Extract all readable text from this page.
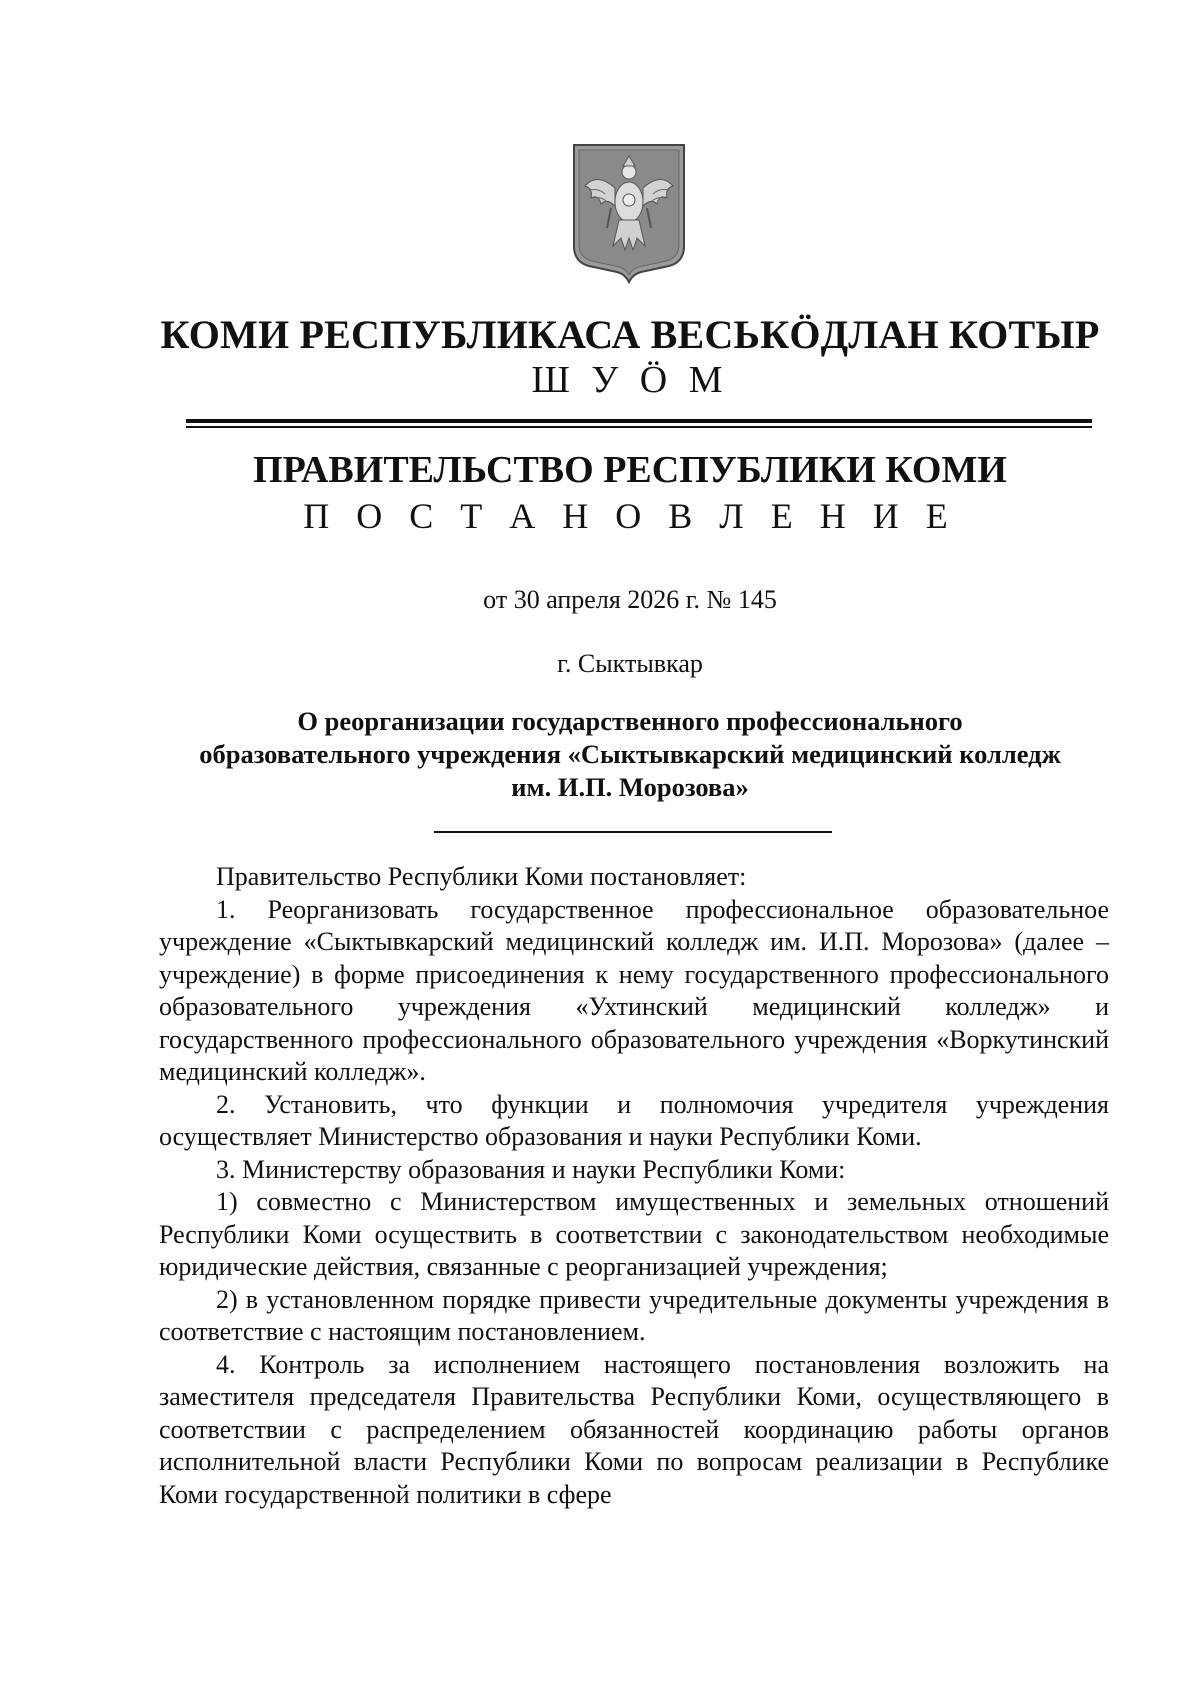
КОМИ РЕСПУБЛИКАСА ВЕСЬКӦДЛАН КОТЫР
Ш У Ӧ М
ПРАВИТЕЛЬСТВО РЕСПУБЛИКИ КОМИ
П О С Т А Н О В Л Е Н И Е
от 30 апреля 2026 г. № 145
г. Сыктывкар
О реорганизации государственного профессионального
образовательного учреждения «Сыктывкарский медицинский колледж
им. И.П. Морозова»

Правительство Республики Коми постановляет:

1. Реорганизовать государственное профессиональное образовательное учреждение «Сыктывкарский медицинский колледж им. И.П. Морозова» (далее – учреждение) в форме присоединения к нему государственного профессионального образовательного учреждения «Ухтинский медицинский колледж» и государственного профессионального образовательного учреждения «Воркутинский медицинский колледж».

2. Установить, что функции и полномочия учредителя учреждения осуществляет Министерство образования и науки Республики Коми.

3. Министерству образования и науки Республики Коми:

1) совместно с Министерством имущественных и земельных отношений Республики Коми осуществить в соответствии с законодательством необходимые юридические действия, связанные с реорганизацией учреждения;

2) в установленном порядке привести учредительные документы учреждения в соответствие с настоящим постановлением.

4. Контроль за исполнением настоящего постановления возложить на заместителя председателя Правительства Республики Коми, осуществляющего в соответствии с распределением обязанностей координацию работы органов исполнительной власти Республики Коми по вопросам реализации в Республике Коми государственной политики в сфере
